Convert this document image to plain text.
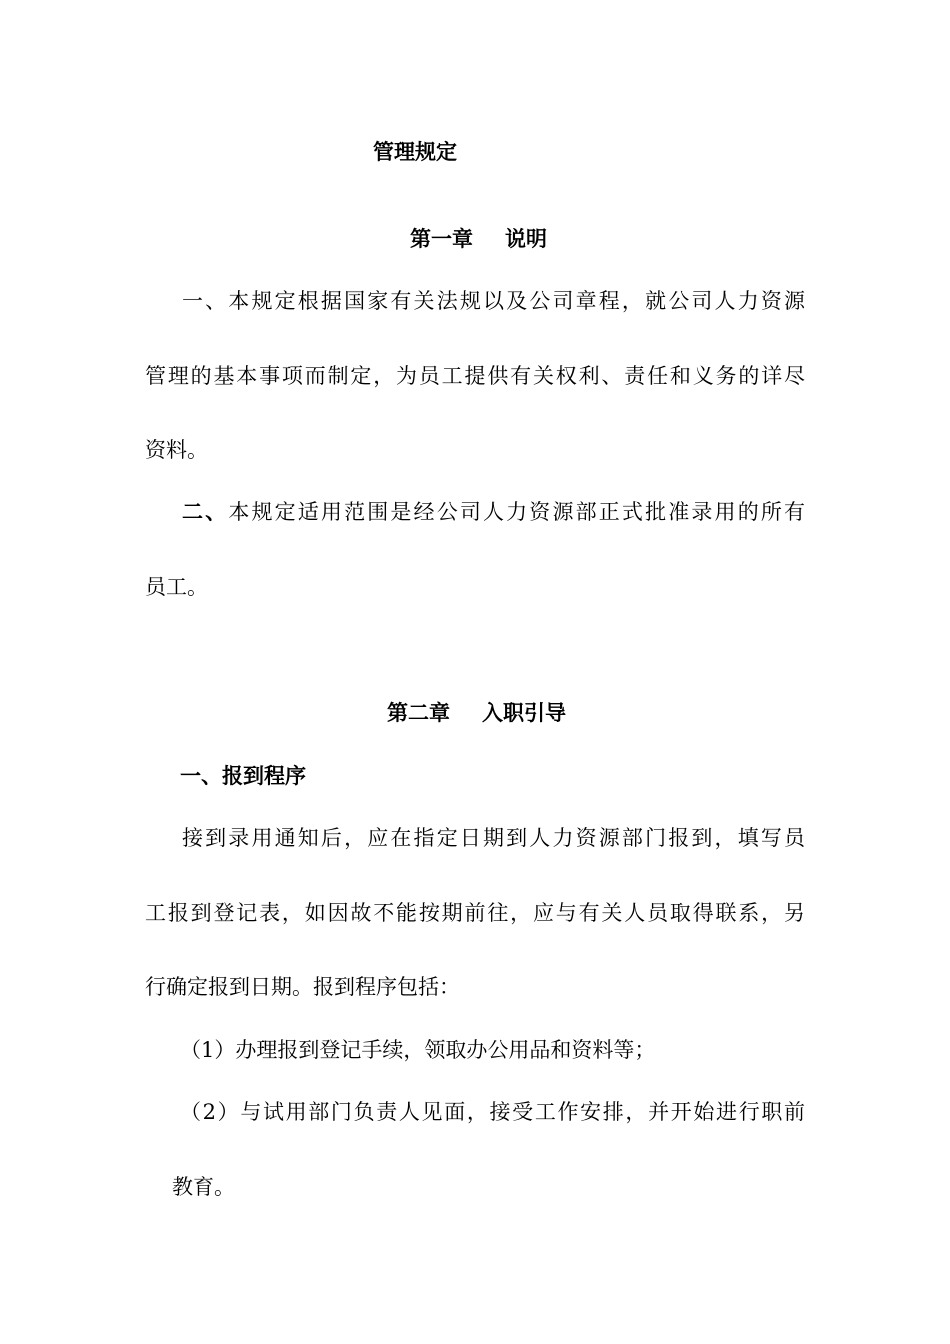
管理规定
第一章 说明
一、本规定根据国家有关法规以及公司章程，就公司人力资源
管理的基本事项而制定，为员工提供有关权利、责任和义务的详尽
资料。
二、本规定适用范围是经公司人力资源部正式批准录用的所有
员工。
第二章 入职引导
一、报到程序
接到录用通知后，应在指定日期到人力资源部门报到，填写员
工报到登记表，如因故不能按期前往，应与有关人员取得联系，另
行确定报到日期。报到程序包括：
（1）办理报到登记手续，领取办公用品和资料等；
（2）与试用部门负责人见面，接受工作安排，并开始进行职前
教育。
